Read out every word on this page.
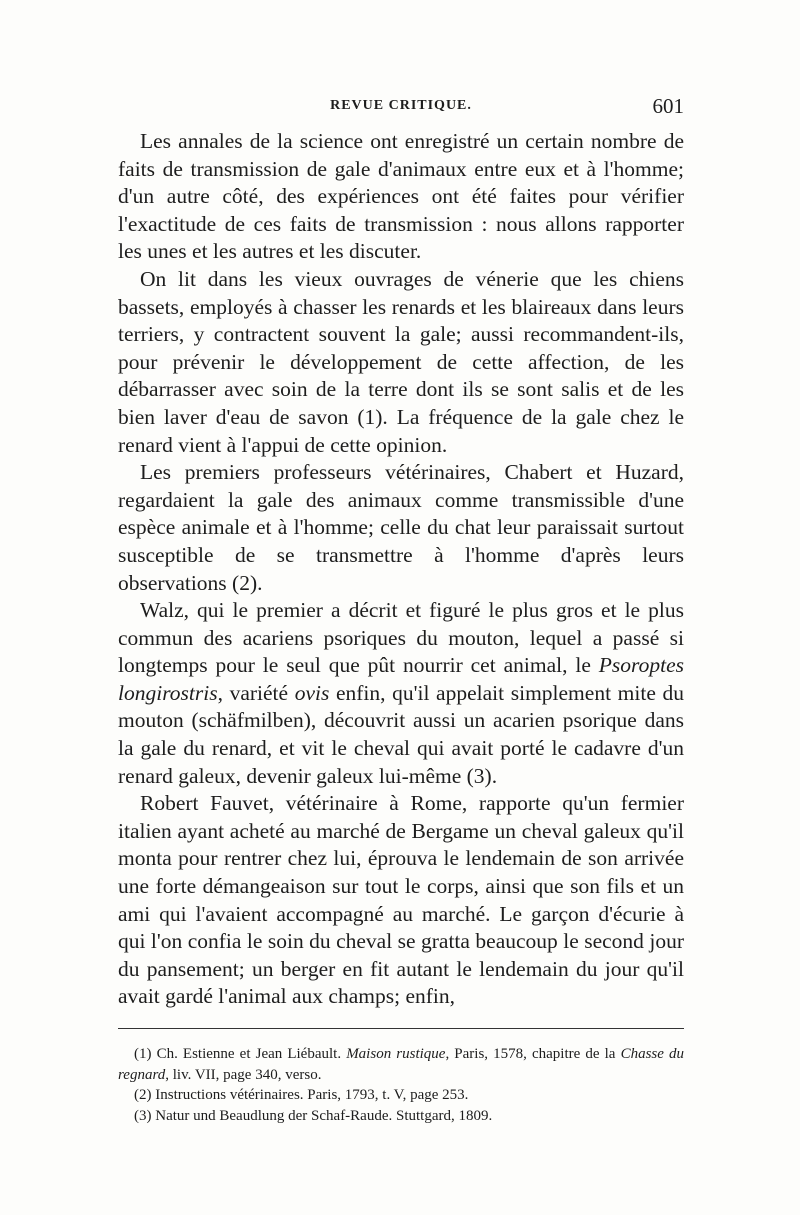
REVUE CRITIQUE.	601

Les annales de la science ont enregistré un certain nombre de faits de transmission de gale d'animaux entre eux et à l'homme; d'un autre côté, des expériences ont été faites pour vérifier l'exactitude de ces faits de transmission : nous allons rapporter les unes et les autres et les discuter.

On lit dans les vieux ouvrages de vénerie que les chiens bassets, employés à chasser les renards et les blaireaux dans leurs terriers, y contractent souvent la gale; aussi recommandent-ils, pour prévenir le développement de cette affection, de les débarrasser avec soin de la terre dont ils se sont salis et de les bien laver d'eau de savon (1). La fréquence de la gale chez le renard vient à l'appui de cette opinion.

Les premiers professeurs vétérinaires, Chabert et Huzard, regardaient la gale des animaux comme transmissible d'une espèce animale et à l'homme; celle du chat leur paraissait surtout susceptible de se transmettre à l'homme d'après leurs observations (2).

Walz, qui le premier a décrit et figuré le plus gros et le plus commun des acariens psoriques du mouton, lequel a passé si longtemps pour le seul que pût nourrir cet animal, le Psoroptes longirostris, variété ovis enfin, qu'il appelait simplement mite du mouton (schäfmilben), découvrit aussi un acarien psorique dans la gale du renard, et vit le cheval qui avait porté le cadavre d'un renard galeux, devenir galeux lui-même (3).

Robert Fauvet, vétérinaire à Rome, rapporte qu'un fermier italien ayant acheté au marché de Bergame un cheval galeux qu'il monta pour rentrer chez lui, éprouva le lendemain de son arrivée une forte démangeaison sur tout le corps, ainsi que son fils et un ami qui l'avaient accompagné au marché. Le garçon d'écurie à qui l'on confia le soin du cheval se gratta beaucoup le second jour du pansement; un berger en fit autant le lendemain du jour qu'il avait gardé l'animal aux champs; enfin,

(1) Ch. Estienne et Jean Liébault. Maison rustique, Paris, 1578, chapitre de la Chasse du regnard, liv. VII, page 340, verso.

(2) Instructions vétérinaires. Paris, 1793, t. V, page 253.

(3) Natur und Beaudlung der Schaf-Raude. Stuttgard, 1809.
